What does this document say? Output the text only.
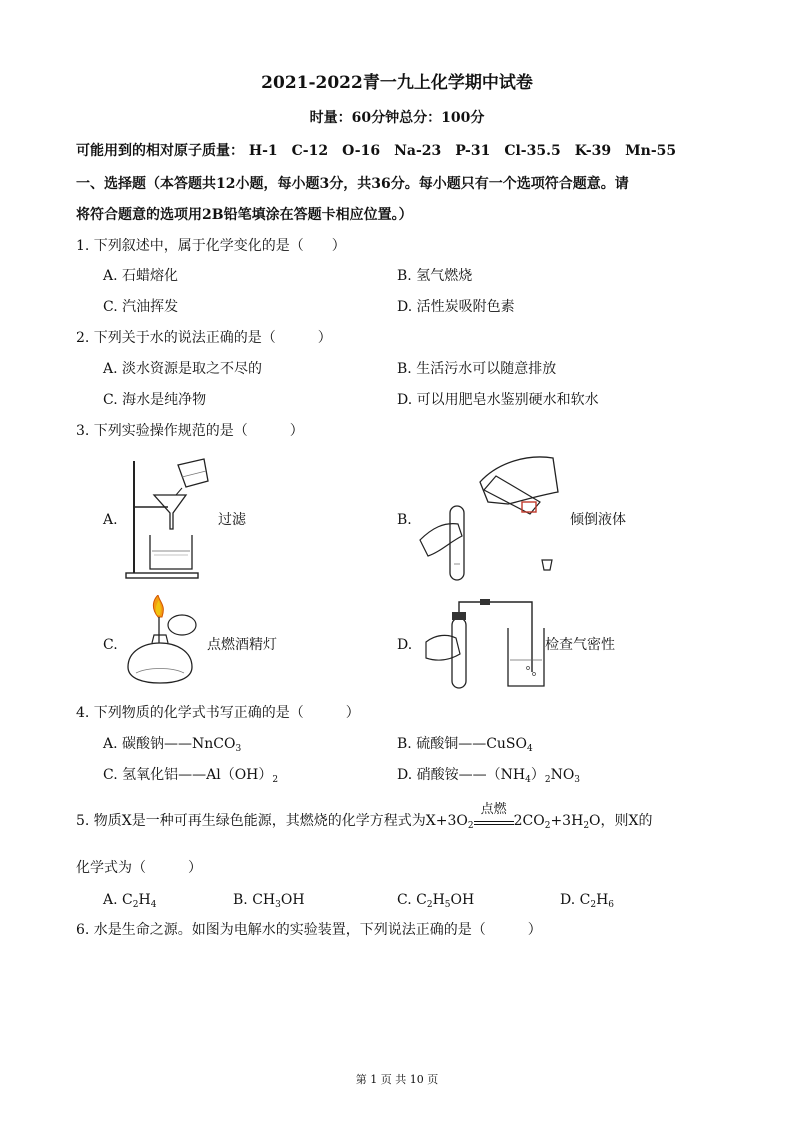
2021-2022青一九上化学期中试卷
时量：60分钟总分：100分
可能用到的相对原子质量： H-1 C-12 O-16 Na-23 P-31 Cl-35.5 K-39 Mn-55
一、选择题（本答题共12小题，每小题3分，共36分。每小题只有一个选项符合题意。请
将符合题意的选项用2B铅笔填涂在答题卡相应位置。）
1. 下列叙述中，属于化学变化的是（　　）
A. 石蜡熔化	B. 氢气燃烧
C. 汽油挥发	D. 活性炭吸附色素
2. 下列关于水的说法正确的是（　　　）
A. 淡水资源是取之不尽的	B. 生活污水可以随意排放
C. 海水是纯净物	D. 可以用肥皂水鉴别硬水和软水
3. 下列实验操作规范的是（　　　）
A.	过滤	B.	倾倒液体
C.	点燃酒精灯	D.	检查气密性
4. 下列物质的化学式书写正确的是（　　　）
A. 碳酸钠——NnCO$_3$	B. 硫酸铜——CuSO$_4$
C. 氢氧化铝$——Al(OH)_2$	D. 硝酸铵$——(NH_4)_2NO_3$
5. 物质X是一种可再生绿色能源，其燃烧的化学方程式为$X+3O_2$
点燃
$2CO_2+3H_2O$，则X的
化学式为（　　　）
A. $C_2H_4$	B. $CH_3OH$	C. $C_2H_5OH$	D. $C_2H_6$
6. 水是生命之源。如图为电解水的实验装置，下列说法正确的是（　　　）
第 1 页 共 10 页
